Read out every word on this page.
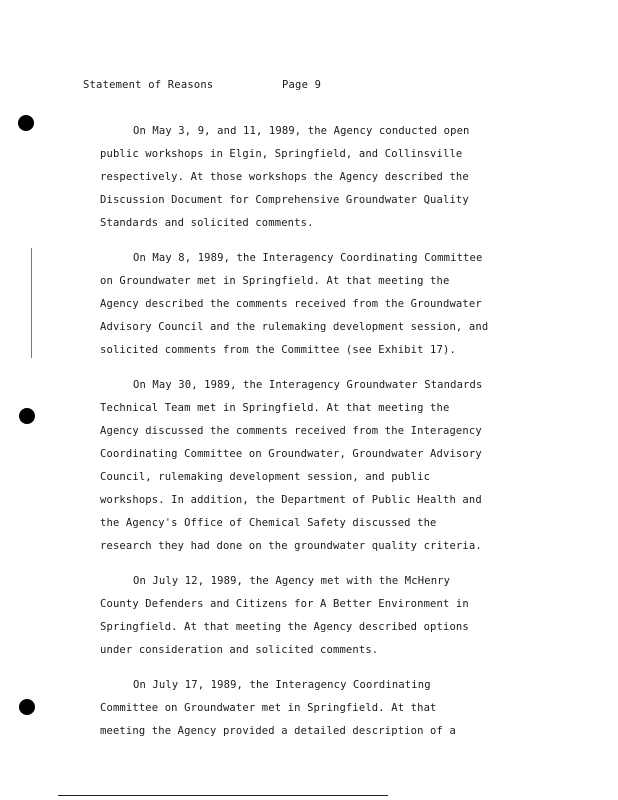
Statement of Reasons

	Page 9

On May 3, 9, and 11, 1989, the Agency conducted open
public workshops in Elgin, Springfield, and Collinsville
respectively. At those workshops the Agency described the
Discussion Document for Comprehensive Groundwater Quality
Standards and solicited comments.
On May 8, 1989, the Interagency Coordinating Committee
on Groundwater met in Springfield. At that meeting the
Agency described the comments received from the Groundwater
Advisory Council and the rulemaking development session, and
solicited comments from the Committee (see Exhibit 17).
On May 30, 1989, the Interagency Groundwater Standards
Technical Team met in Springfield. At that meeting the
Agency discussed the comments received from the Interagency
Coordinating Committee on Groundwater, Groundwater Advisory
Council, rulemaking development session, and public
workshops. In addition, the Department of Public Health and
the Agency's Office of Chemical Safety discussed the
research they had done on the groundwater quality criteria.
On July 12, 1989, the Agency met with the McHenry
County Defenders and Citizens for A Better Environment in
Springfield. At that meeting the Agency described options
under consideration and solicited comments.
On July 17, 1989, the Interagency Coordinating
Committee on Groundwater met in Springfield. At that
meeting the Agency provided a detailed description of a
